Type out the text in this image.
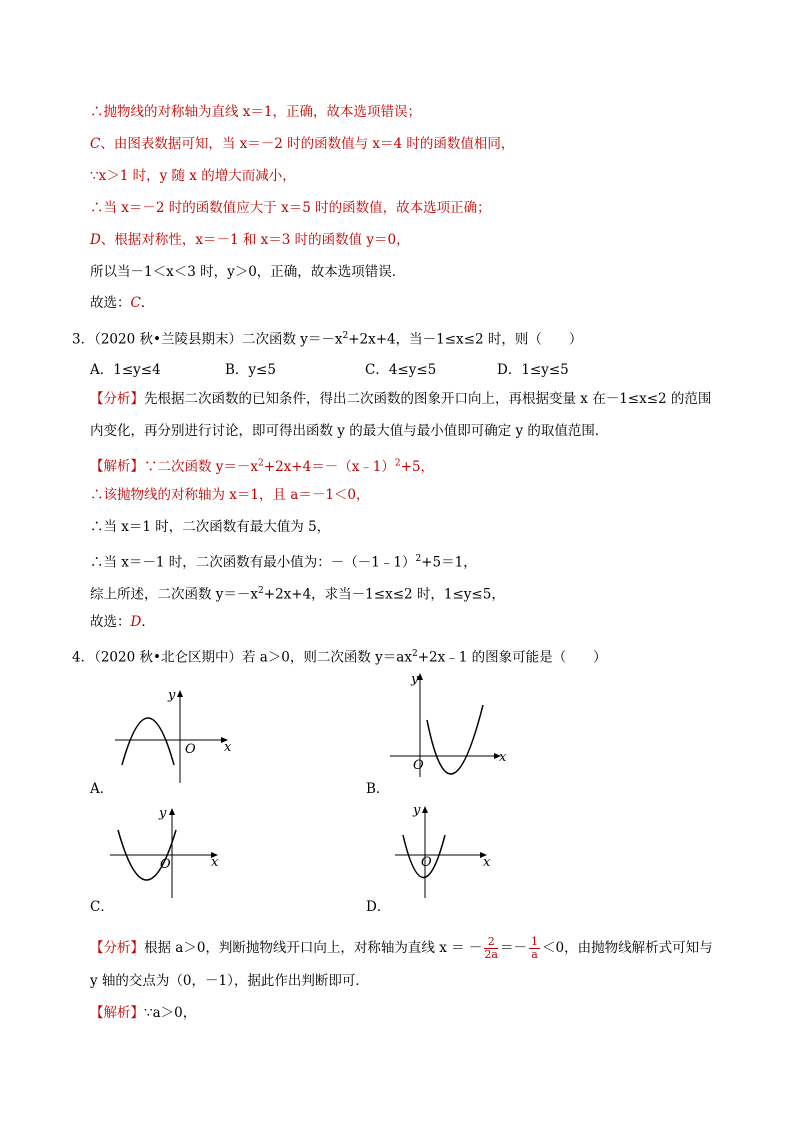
∴抛物线的对称轴为直线 x＝1，正确，故本选项错误；
C、由图表数据可知，当 x＝－2 时的函数值与 x＝4 时的函数值相同，
∵x＞1 时，y 随 x 的增大而减小，
∴当 x＝－2 时的函数值应大于 x＝5 时的函数值，故本选项正确；
D、根据对称性，x＝－1 和 x＝3 时的函数值 y＝0，
所以当－1＜x＜3 时，y＞0，正确，故本选项错误．
故选：C．
3．（2020 秋•兰陵县期末）二次函数 $y=-x^2+2x+4$，当－1≤x≤2 时，则（　　）
A．1≤y≤4	B．y≤5	C．4≤y≤5	D．1≤y≤5
【分析】先根据二次函数的已知条件，得出二次函数的图象开口向上，再根据变量 x 在－1≤x≤2 的范围
内变化，再分别进行讨论，即可得出函数 y 的最大值与最小值即可确定 y 的取值范围．
【解析】∵二次函数 $y=-x^2+2x+4=-(x﹣1)^2+5$，
∴该抛物线的对称轴为 x＝1，且 a＝－1＜0，
∴当 x＝1 时，二次函数有最大值为 5，
∴当 x＝－1 时，二次函数有最小值为：－（－1﹣1）$^2$+5＝1，
综上所述，二次函数 $y=-x^2+2x+4$，求当－1≤x≤2 时，1≤y≤5，
故选：D．
4．（2020 秋•北仑区期中）若 a＞0，则二次函数 $y=ax^2+2x﹣1$ 的图象可能是（　　）
x
y
O
A．
x
y
O
B．
x
y
O
C．
x
y
O
D．
【分析】根据 a＞0，判断抛物线开口向上，对称轴为直线 x ＝ － $\frac{2}{2a} =- \frac{1}{a} <0$，由抛物线解析式可知与
y 轴的交点为（0，－1），据此作出判断即可．
【解析】∵a＞0，
